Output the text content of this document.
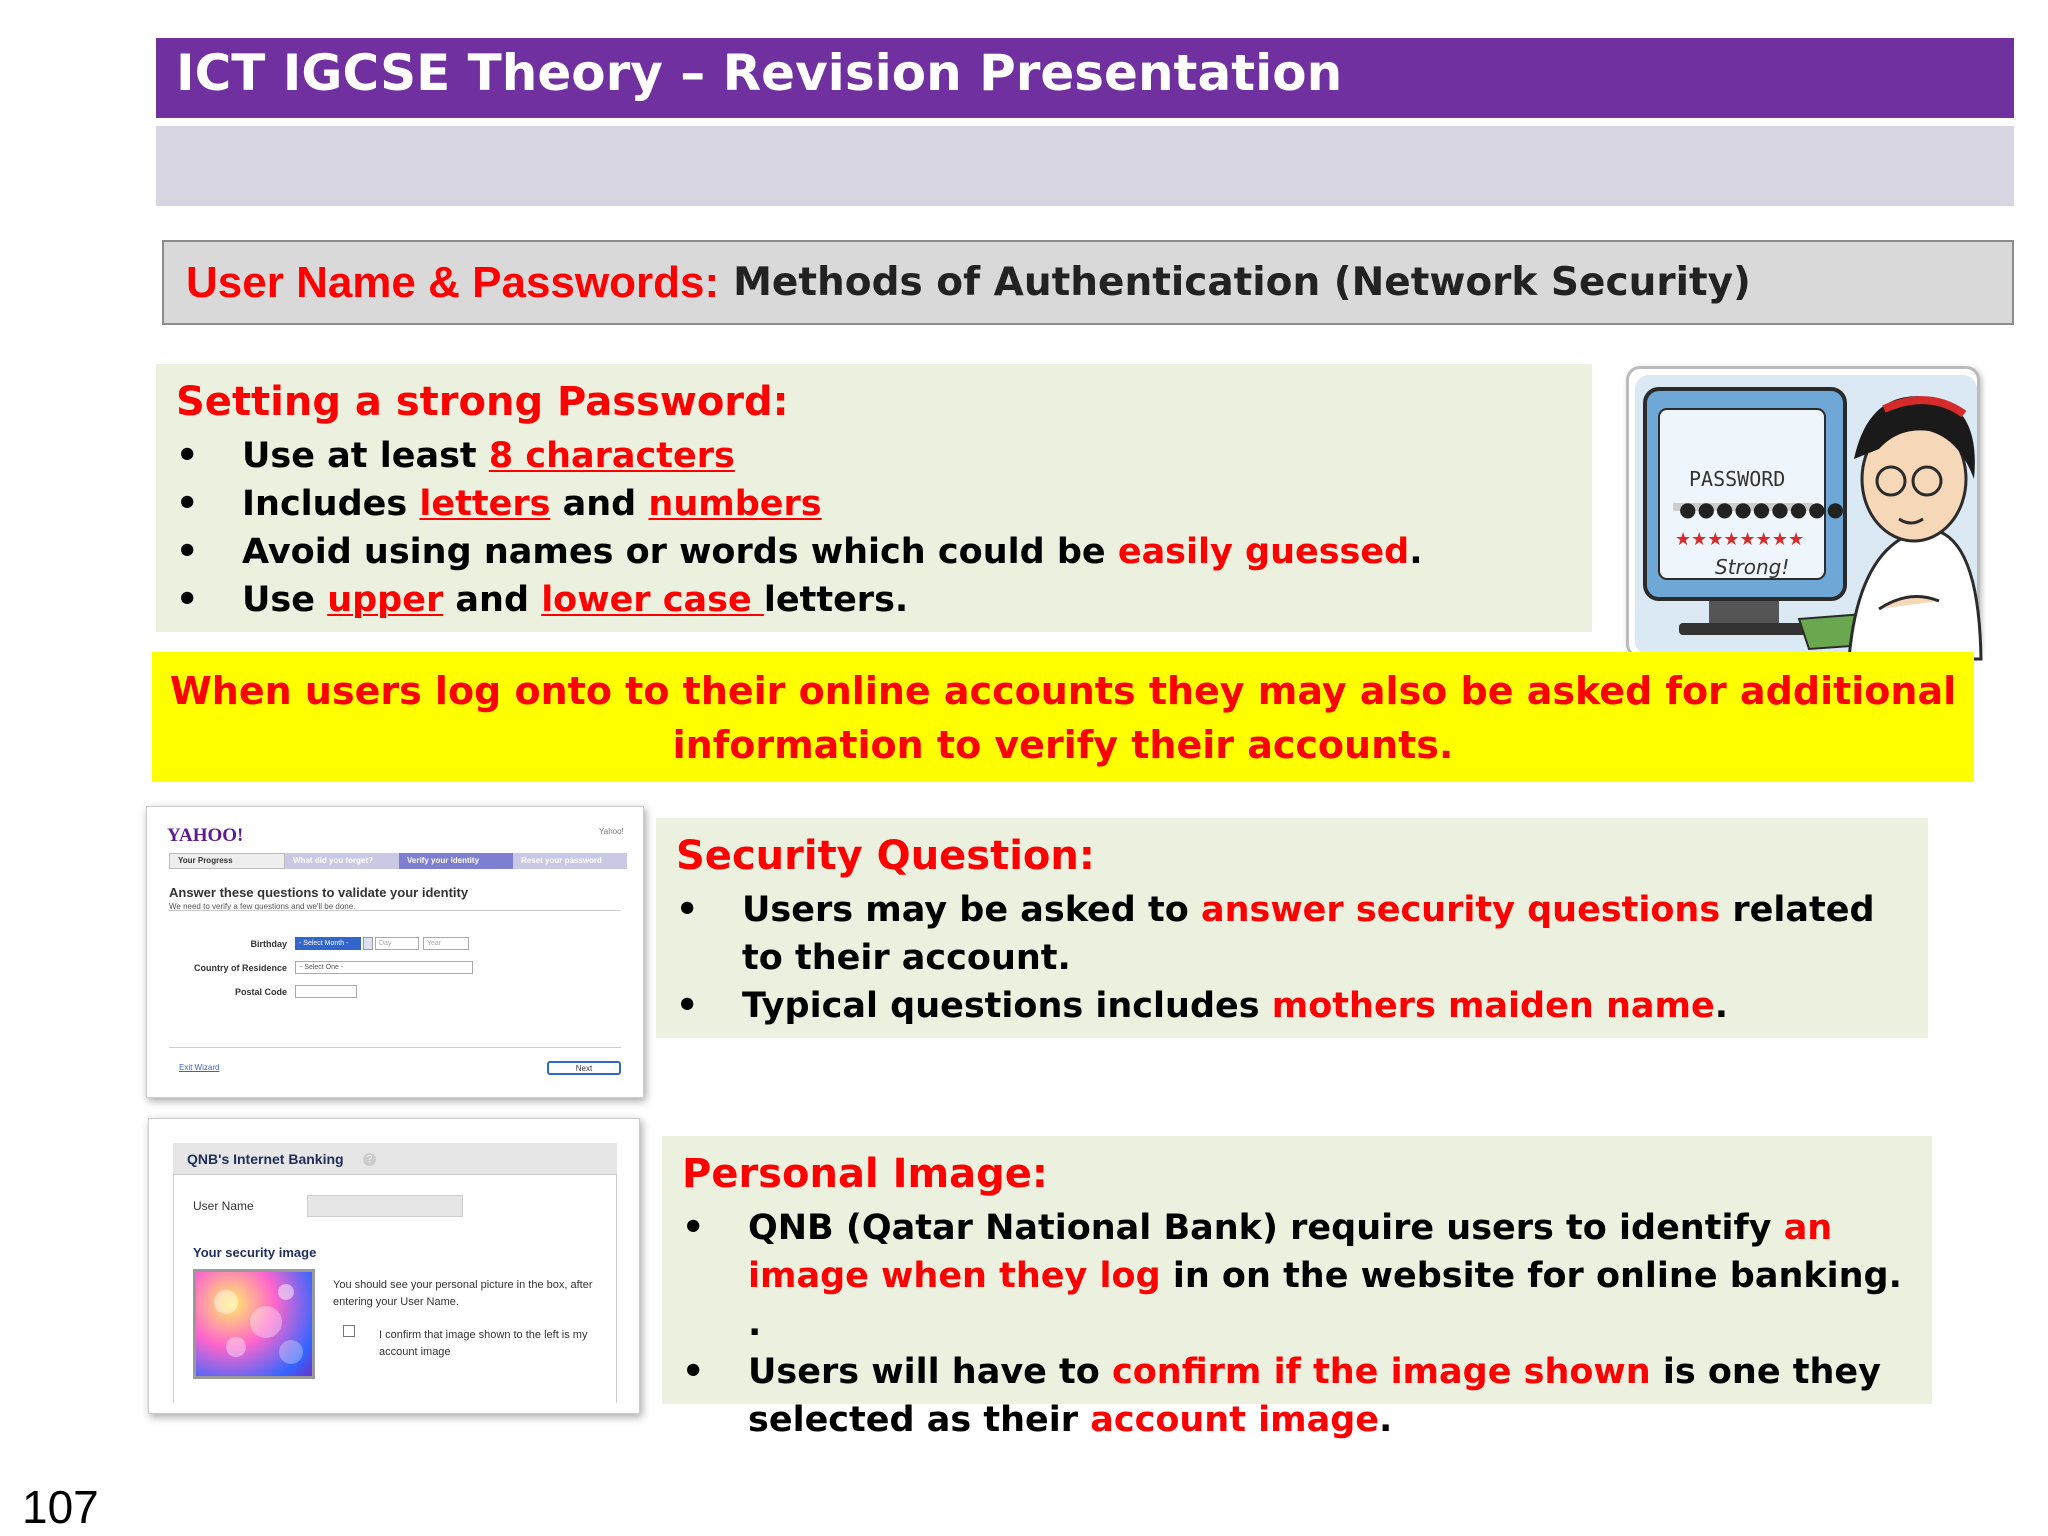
ICT IGCSE Theory – Revision Presentation
User Name & Passwords: Methods of Authentication (Network Security)
Setting a strong Password:
• Use at least 8 characters
• Includes letters and numbers
• Avoid using names or words which could be easily guessed.
• Use upper and lower case letters.
PASSWORD
●●●●●●●●●
★★★★★★★★
Strong!
When users log onto to their online accounts they may also be asked for additional
information to verify their accounts.
YAHOO!	Yahoo!
Your Progress	What did you forget?	Verify your identity	Reset your password
Answer these questions to validate your identity
We need to verify a few questions and we'll be done.
Birthday	- Select Month -	Day	Year
Country of Residence	- Select One -
Postal Code
Exit Wizard	Next
Security Question:
• Users may be asked to answer security questions related to their account.
• Typical questions includes mothers maiden name.
QNB's Internet Banking	?
User Name
Your security image
You should see your personal picture in the box, after entering your User Name.
I confirm that image shown to the left is my account image
Personal Image:
• QNB (Qatar National Bank) require users to identify an image when they log in on the website for online banking. .
• Users will have to confirm if the image shown is one they selected as their account image.
107
